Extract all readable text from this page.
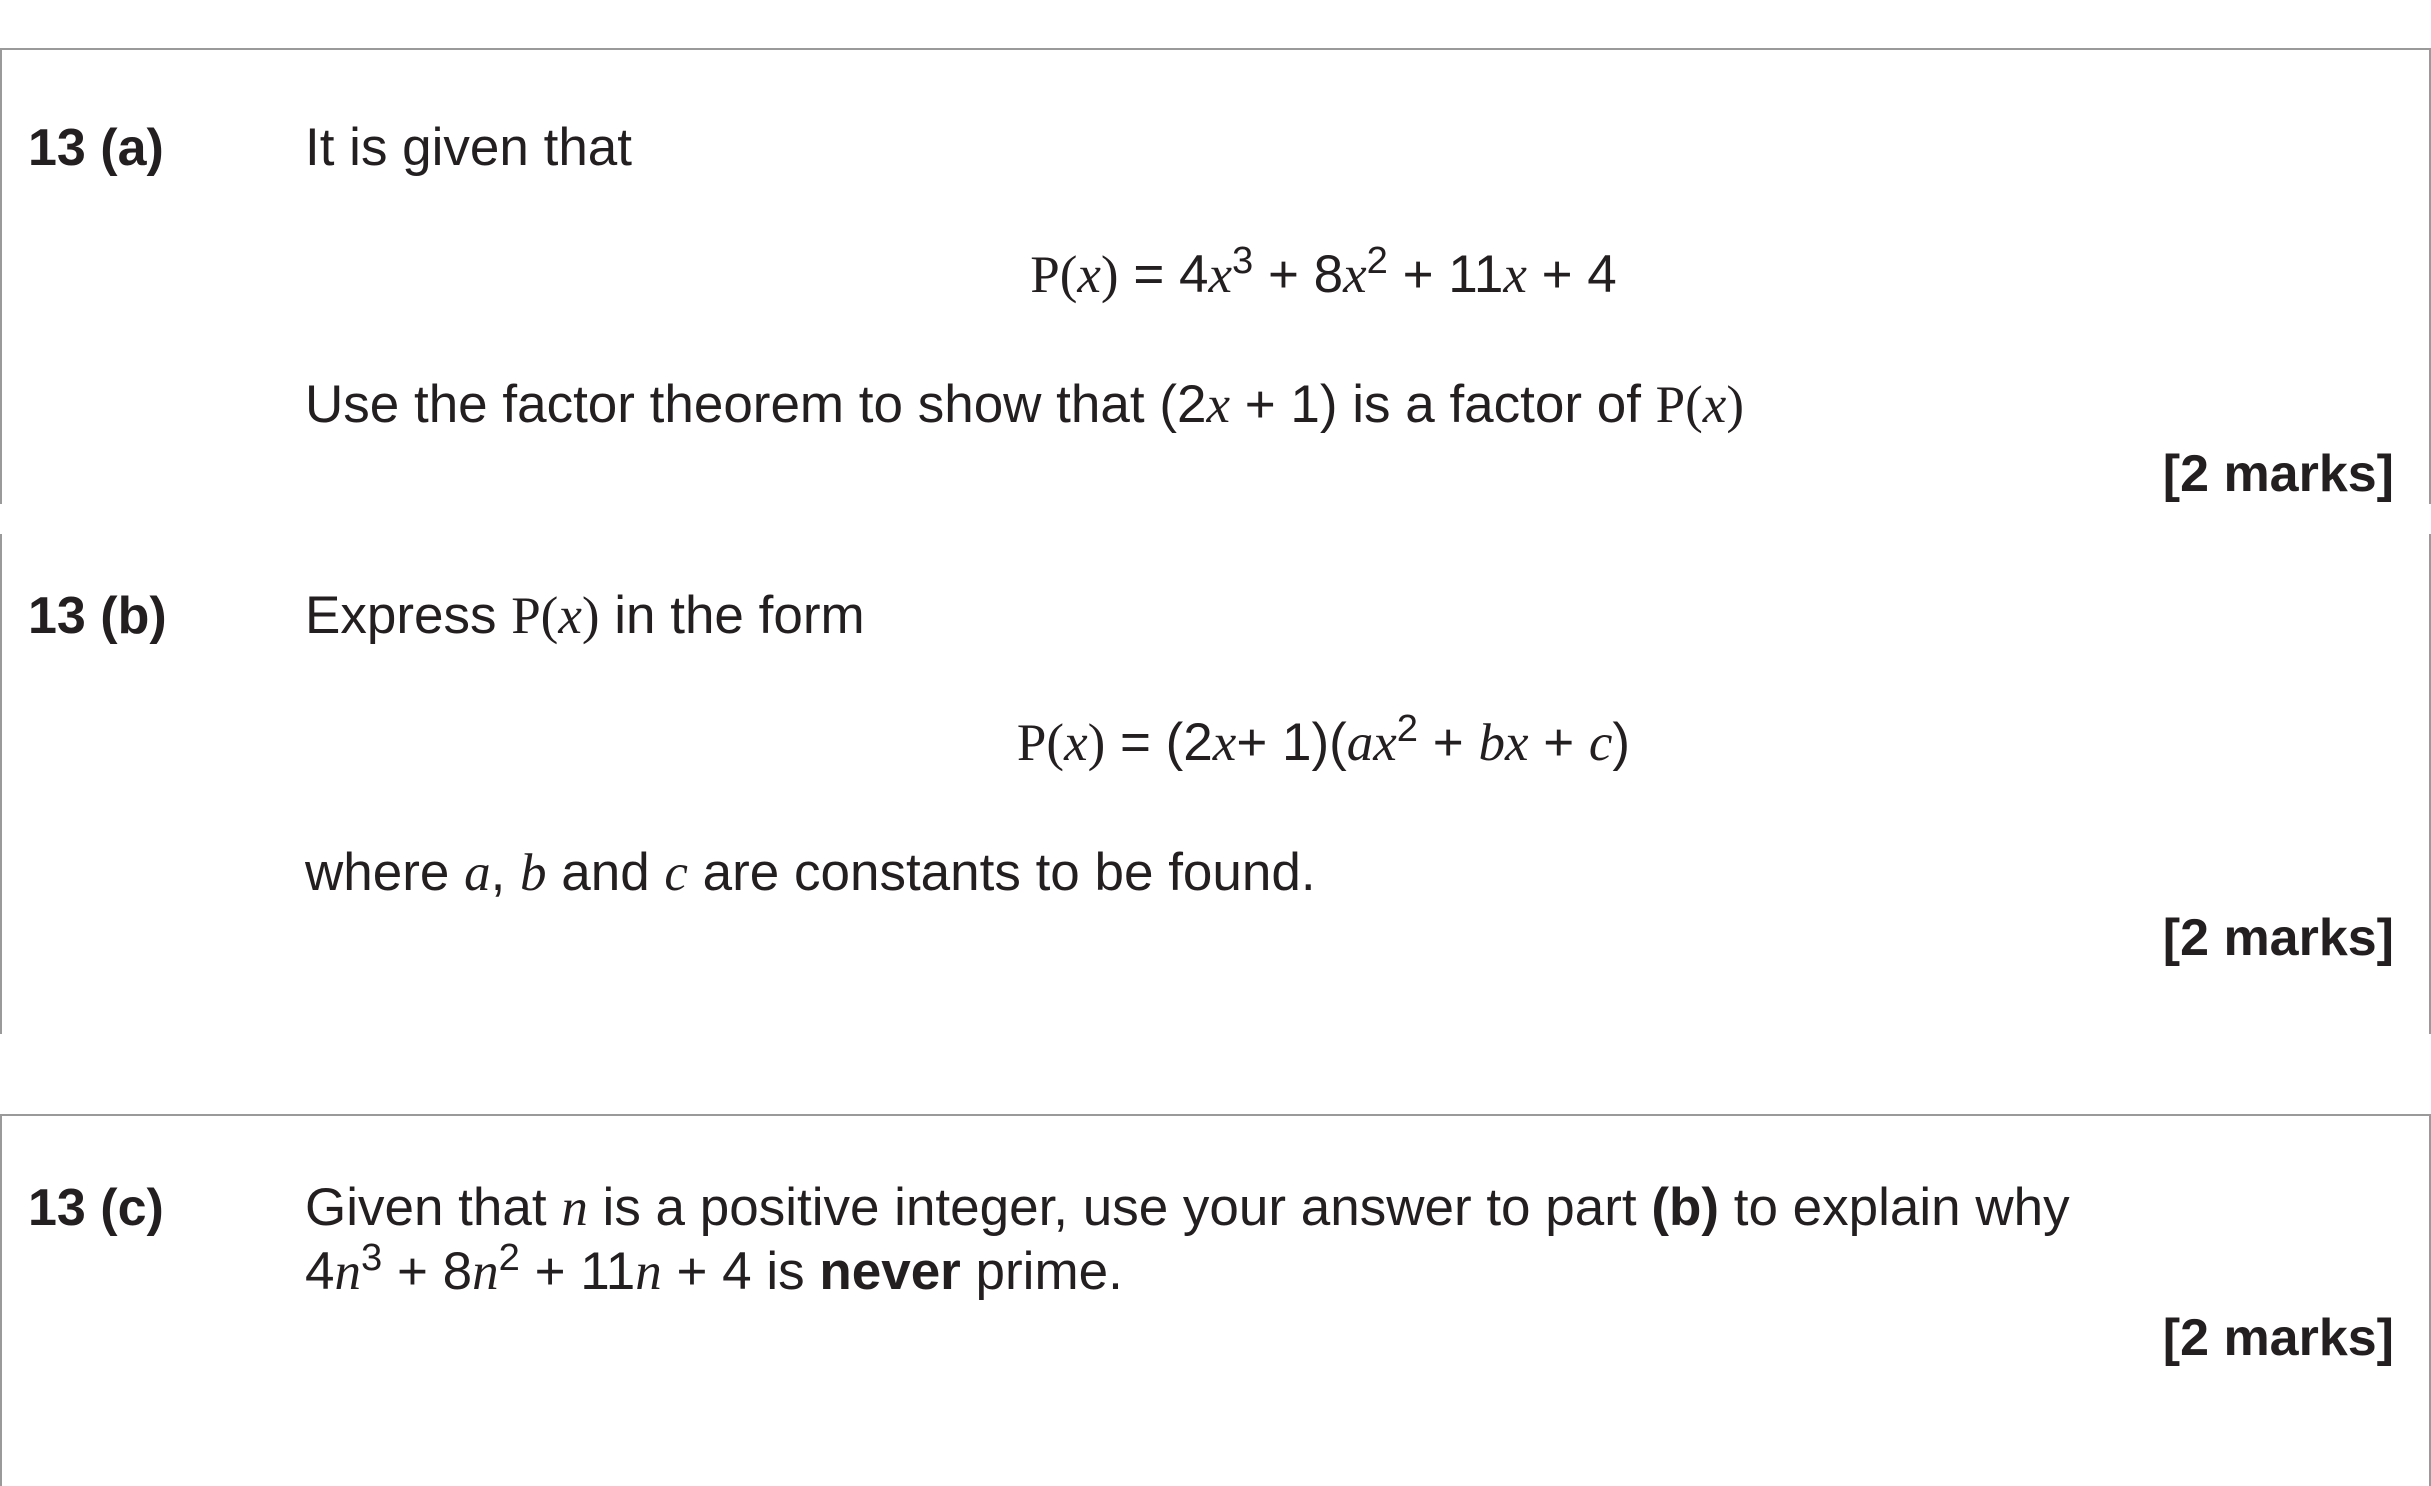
13 (a)	It is given that
$P(x) = 4x^3 + 8x^2 + 11x + 4$
Use the factor theorem to show that (2x + 1) is a factor of P(x)
[2 marks]
13 (b)	Express P(x) in the form
$P(x) = (2x+ 1)(ax^2$ + bx + c)
where a, b and c are constants to be found.
[2 marks]
13 (c)	Given that n is a positive integer, use your answer to part (b) to explain why
$4n^3 + 8n^2 + 11n + 4$ is never prime.
[2 marks]
